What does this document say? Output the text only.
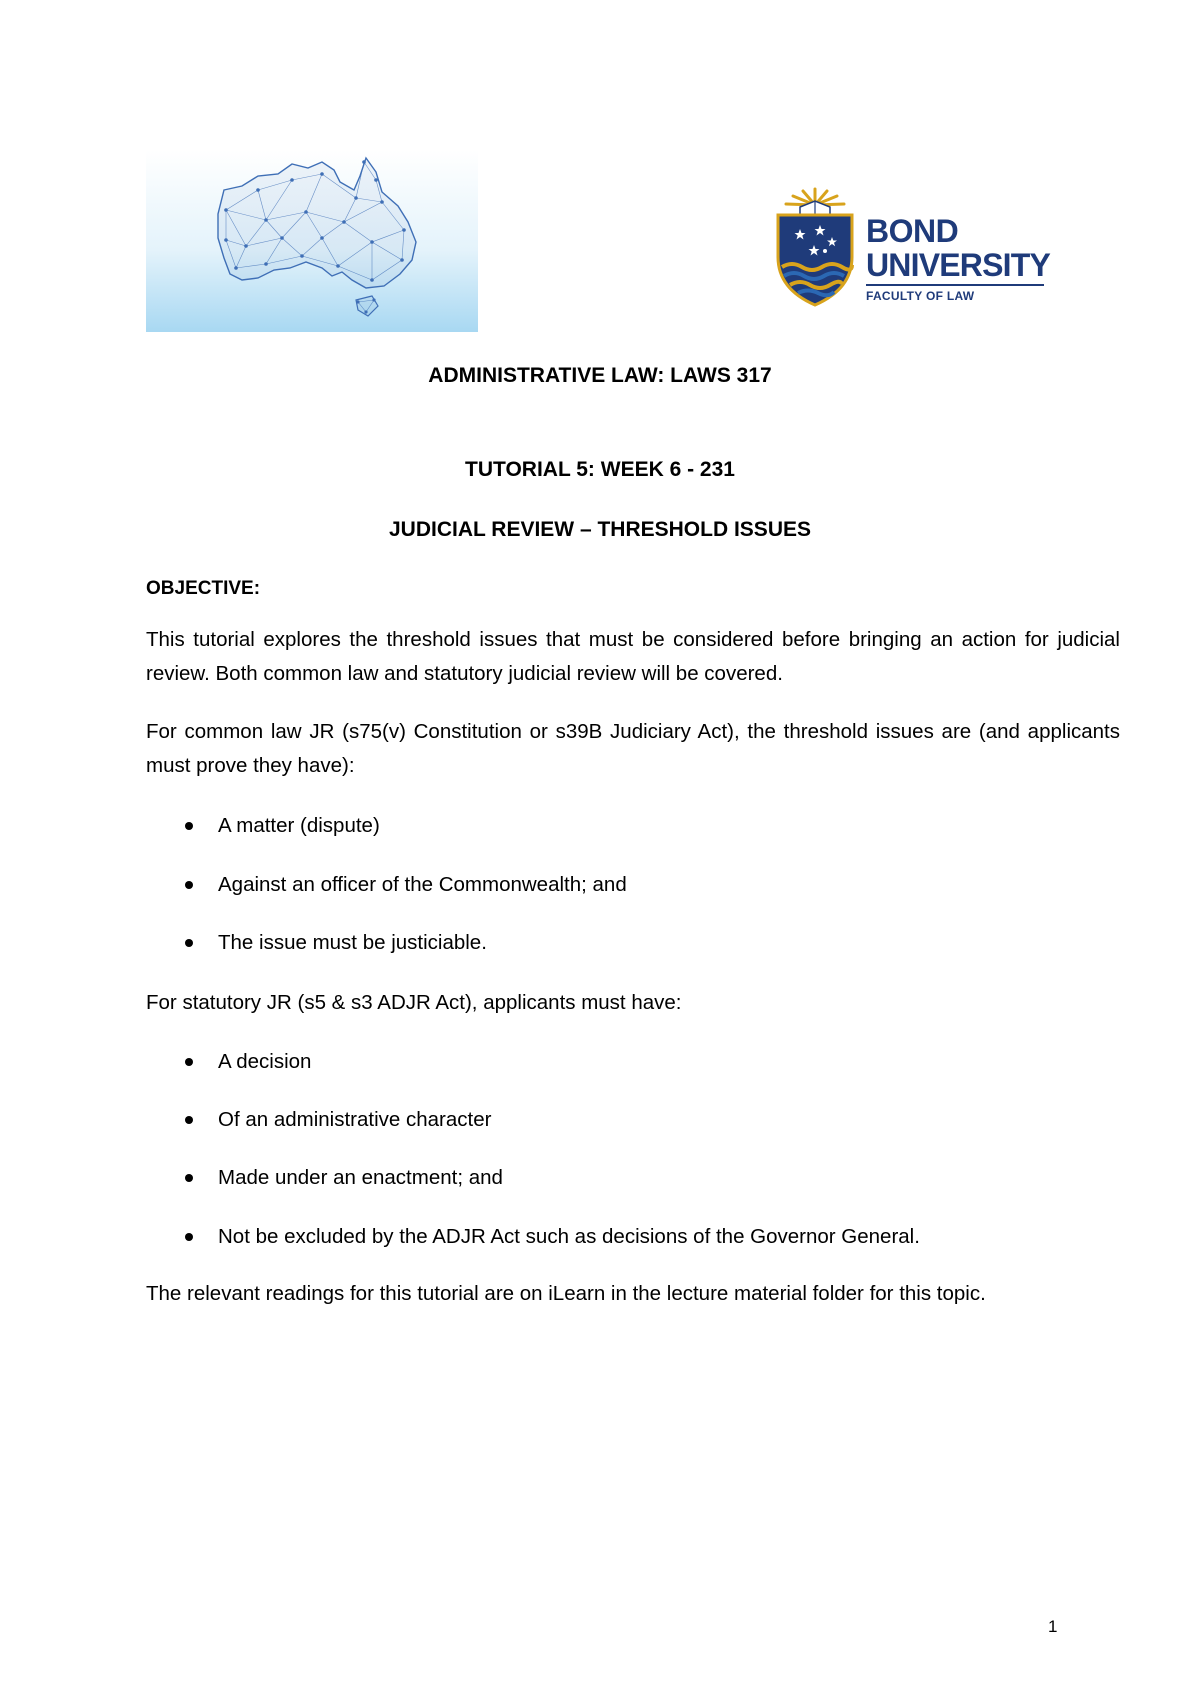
BOND
UNIVERSITY
FACULTY OF LAW
ADMINISTRATIVE LAW: LAWS 317
TUTORIAL 5: WEEK 6 - 231
JUDICIAL REVIEW – THRESHOLD ISSUES
OBJECTIVE:
This tutorial explores the threshold issues that must be considered before bringing an action for judicial review. Both common law and statutory judicial review will be covered.
For common law JR (s75(v) Constitution or s39B Judiciary Act), the threshold issues are (and applicants must prove they have):
A matter (dispute)
Against an officer of the Commonwealth; and
The issue must be justiciable.
For statutory JR (s5 & s3 ADJR Act), applicants must have:
A decision
Of an administrative character
Made under an enactment; and
Not be excluded by the ADJR Act such as decisions of the Governor General.
The relevant readings for this tutorial are on iLearn in the lecture material folder for this topic.
1
